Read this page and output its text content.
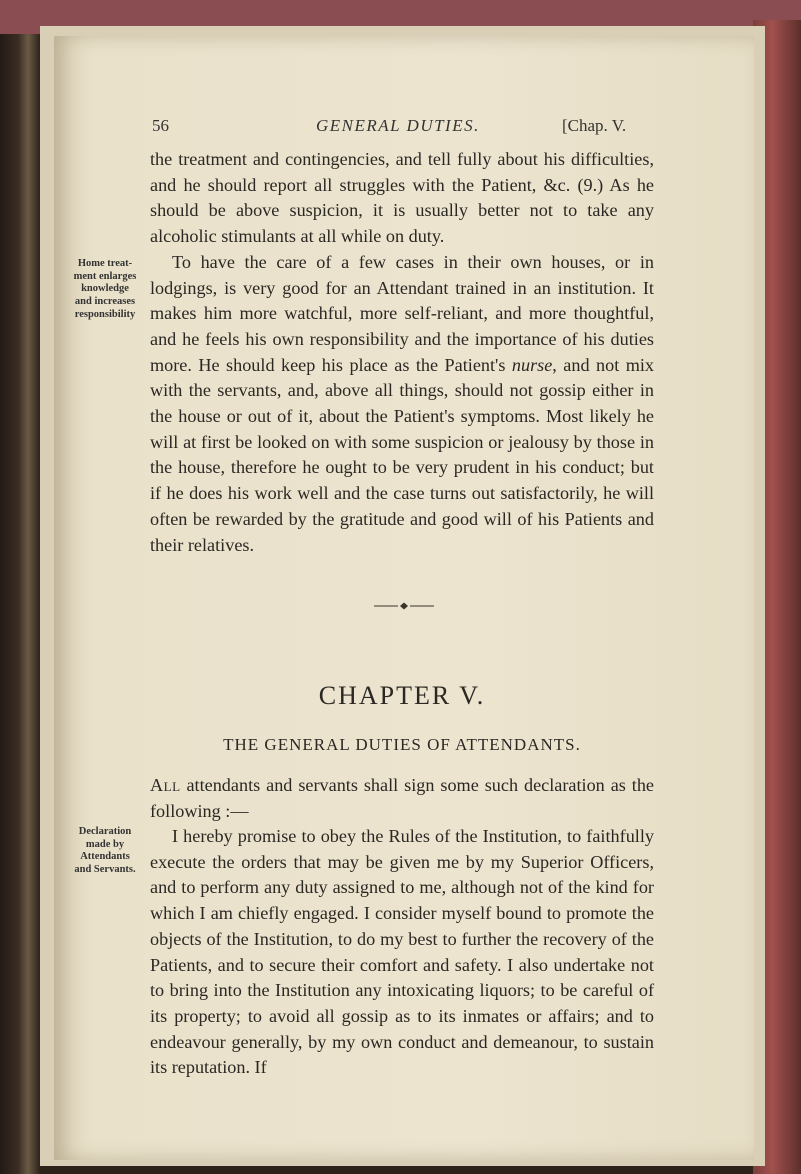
56	GENERAL DUTIES.	[Chap. V.
Home treat-
ment enlarges
knowledge
and increases
responsibility
Declaration
made by
Attendants
and Servants.

the treatment and contingencies, and tell fully about his difficulties, and he should report all struggles with the Patient, &c. (9.) As he should be above suspicion, it is usually better not to take any alcoholic stimulants at all while on duty.

To have the care of a few cases in their own houses, or in lodgings, is very good for an Attendant trained in an institution. It makes him more watchful, more self-reliant, and more thoughtful, and he feels his own responsibility and the importance of his duties more. He should keep his place as the Patient's nurse, and not mix with the servants, and, above all things, should not gossip either in the house or out of it, about the Patient's symptoms. Most likely he will at first be looked on with some suspicion or jealousy by those in the house, therefore he ought to be very prudent in his conduct; but if he does his work well and the case turns out satisfactorily, he will often be rewarded by the gratitude and good will of his Patients and their relatives.

CHAPTER V.
THE GENERAL DUTIES OF ATTENDANTS.
All attendants and servants shall sign some such declaration as the following :—

I hereby promise to obey the Rules of the Institution, to faithfully execute the orders that may be given me by my Superior Officers, and to perform any duty assigned to me, although not of the kind for which I am chiefly engaged. I consider myself bound to promote the objects of the Institution, to do my best to further the recovery of the Patients, and to secure their comfort and safety. I also undertake not to bring into the Institution any intoxicating liquors; to be careful of its property; to avoid all gossip as to its inmates or affairs; and to endeavour generally, by my own conduct and demeanour, to sustain its reputation. If
